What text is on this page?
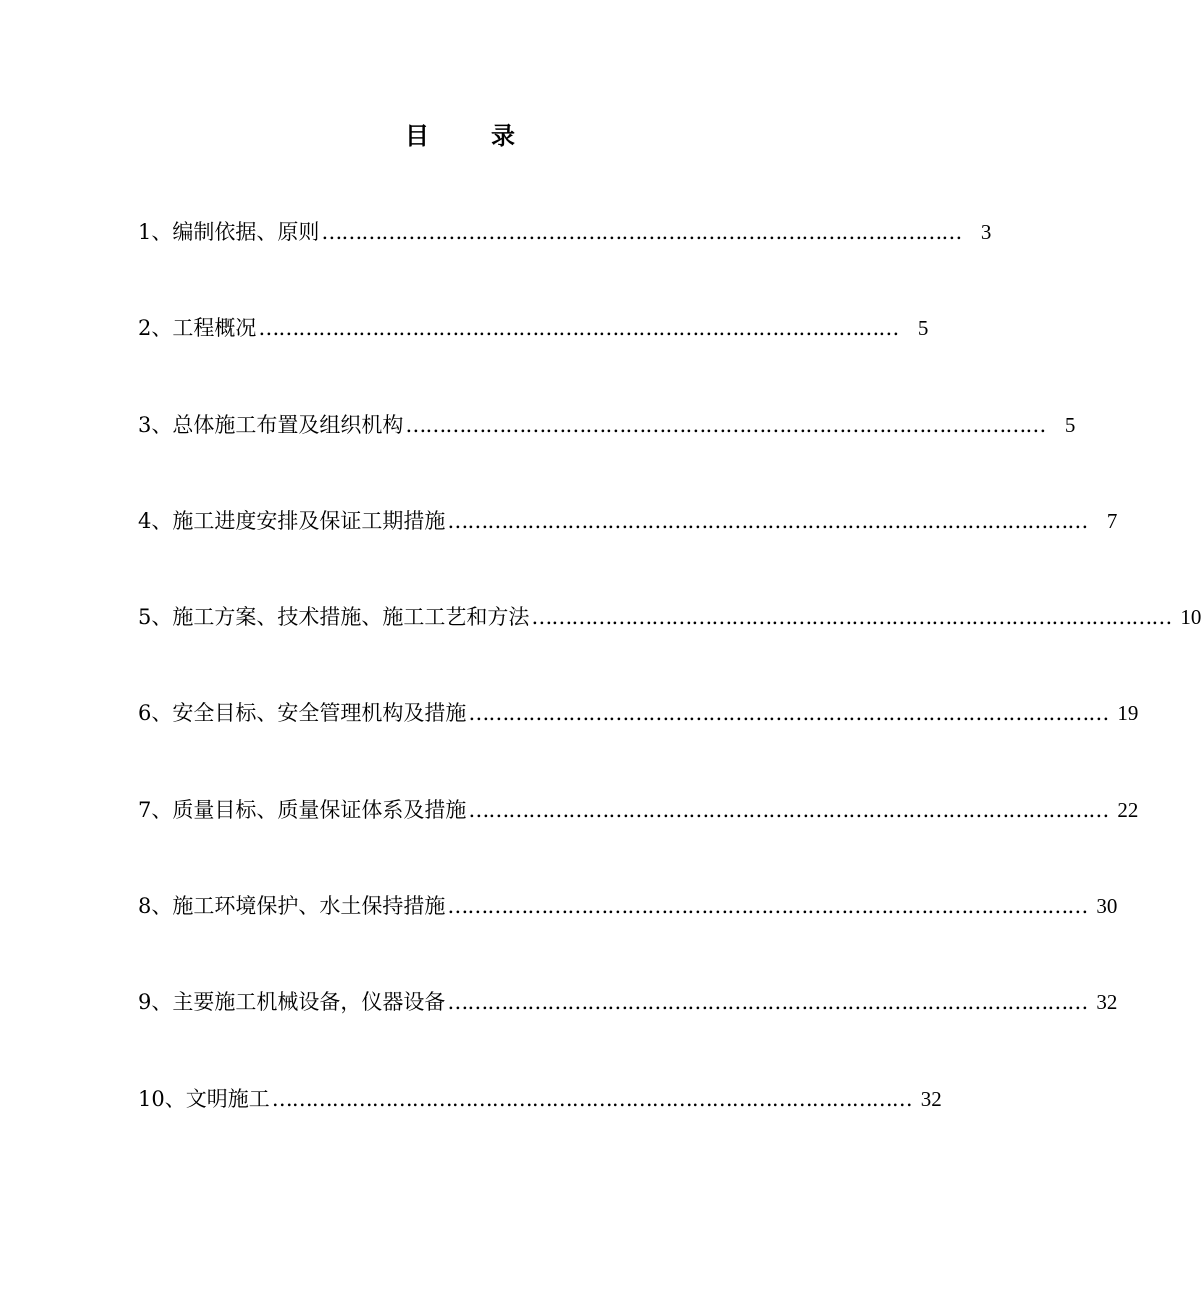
目录
1、编制依据、原则 …………………………………………………………………………………… 3
2、工程概况 …………………………………………………………………………………… 5
3、总体施工布置及组织机构 …………………………………………………………………………………… 5
4、施工进度安排及保证工期措施 …………………………………………………………………………………… 7
5、施工方案、技术措施、施工工艺和方法 …………………………………………………………………………………… 10
6、安全目标、安全管理机构及措施 …………………………………………………………………………………… 19
7、质量目标、质量保证体系及措施 …………………………………………………………………………………… 22
8、施工环境保护、水土保持措施 …………………………………………………………………………………… 30
9、主要施工机械设备，仪器设备 …………………………………………………………………………………… 32
10、文明施工 …………………………………………………………………………………… 32
